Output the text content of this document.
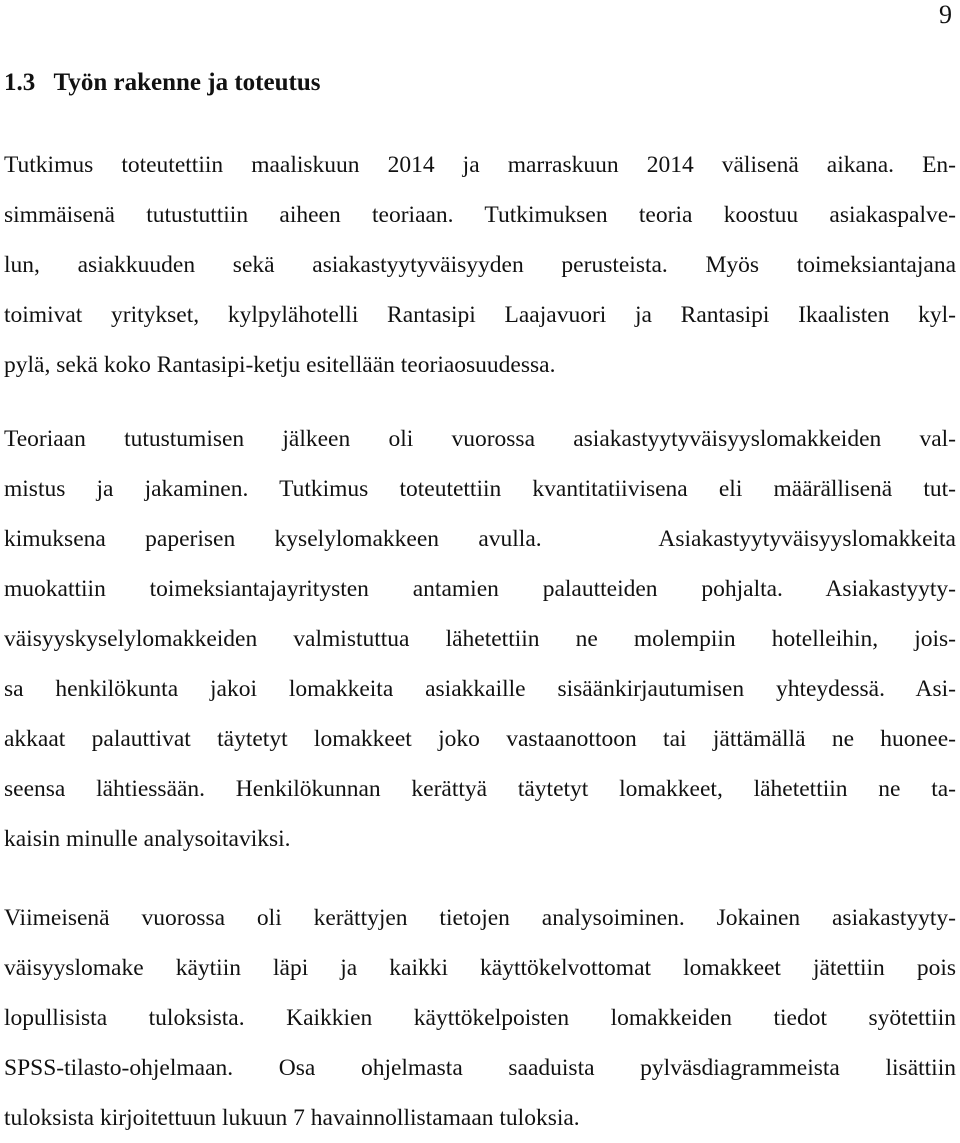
9
1.3   Työn rakenne ja toteutus
Tutkimus toteutettiin maaliskuun 2014 ja marraskuun 2014 välisenä aikana. En-
simmäisenä tutustuttiin aiheen teoriaan. Tutkimuksen teoria koostuu asiakaspalve-
lun, asiakkuuden sekä asiakastyytyväisyyden perusteista. Myös toimeksiantajana
toimivat yritykset, kylpylähotelli Rantasipi Laajavuori ja Rantasipi Ikaalisten kyl-
pylä, sekä koko Rantasipi-ketju esitellään teoriaosuudessa.
Teoriaan tutustumisen jälkeen oli vuorossa asiakastyytyväisyyslomakkeiden val-
mistus ja jakaminen. Tutkimus toteutettiin kvantitatiivisena eli määrällisenä tut-
kimuksena paperisen kyselylomakkeen avulla.   Asiakastyytyväisyyslomakkeita
muokattiin toimeksiantajayritysten antamien palautteiden pohjalta. Asiakastyyty-
väisyyskyselylomakkeiden valmistuttua lähetettiin ne molempiin hotelleihin, jois-
sa henkilökunta jakoi lomakkeita asiakkaille sisäänkirjautumisen yhteydessä. Asi-
akkaat palauttivat täytetyt lomakkeet joko vastaanottoon tai jättämällä ne huonee-
seensa lähtiessään. Henkilökunnan kerättyä täytetyt lomakkeet, lähetettiin ne ta-
kaisin minulle analysoitaviksi.
Viimeisenä vuorossa oli kerättyjen tietojen analysoiminen. Jokainen asiakastyyty-
väisyyslomake käytiin läpi ja kaikki käyttökelvottomat lomakkeet jätettiin pois
lopullisista tuloksista. Kaikkien käyttökelpoisten lomakkeiden tiedot syötettiin
SPSS-tilasto-ohjelmaan. Osa ohjelmasta saaduista pylväsdiagrammeista lisättiin
tuloksista kirjoitettuun lukuun 7 havainnollistamaan tuloksia.
